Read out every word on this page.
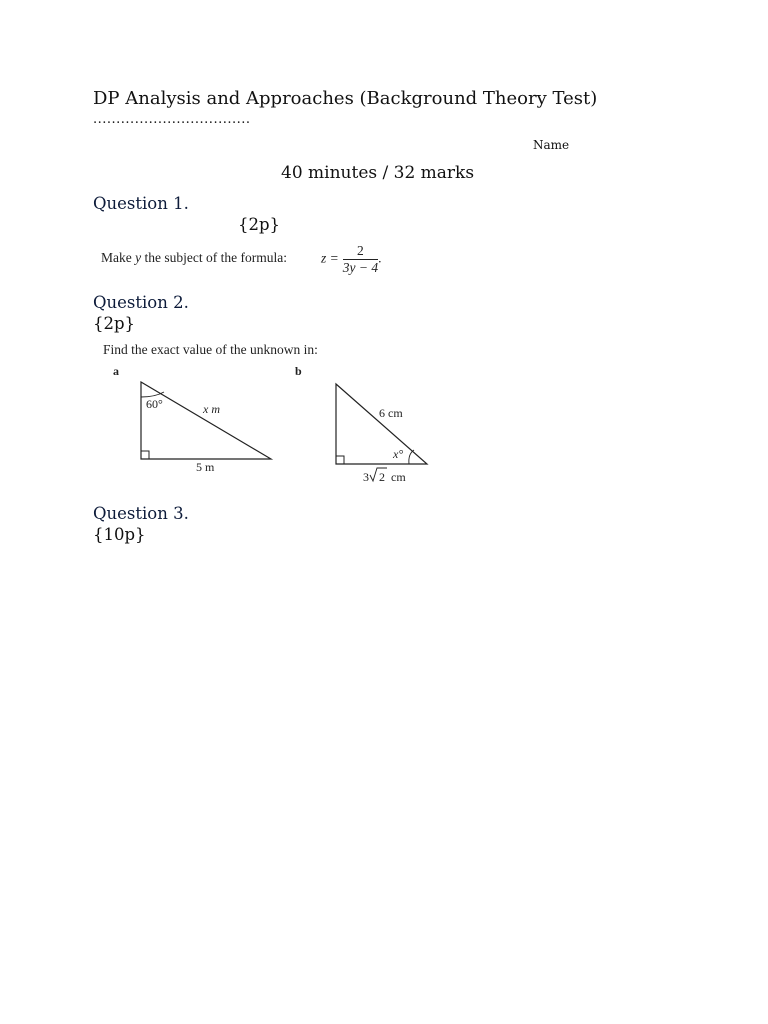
DP Analysis and Approaches (Background Theory Test)
..................................
Name
40 minutes / 32 marks
Question 1.
{2p}
Make y the subject of the formula:	$z = \frac{2}{3y - 4}$ .
Question 2.
{2p}
Find the exact value of the unknown in:
a
60°	x m
5 m
b
6 cm
x°
3 2 cm
Question 3.
{10p}
